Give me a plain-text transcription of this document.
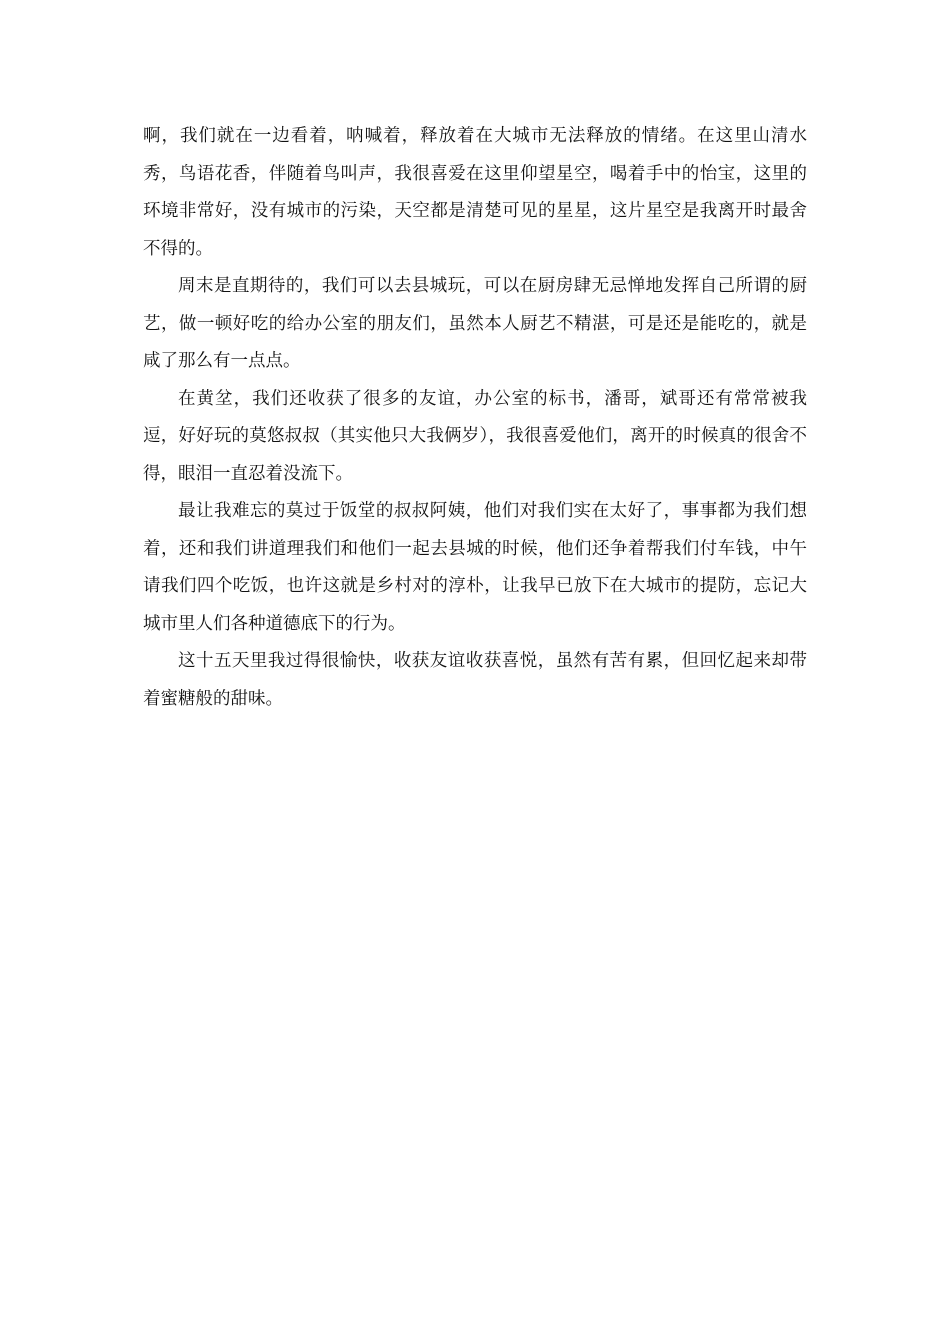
啊，我们就在一边看着，呐喊着，释放着在大城市无法释放的情绪。在这里山清水秀，鸟语花香，伴随着鸟叫声，我很喜爱在这里仰望星空，喝着手中的怡宝，这里的环境非常好，没有城市的污染，天空都是清楚可见的星星，这片星空是我离开时最舍不得的。

周末是直期待的，我们可以去县城玩，可以在厨房肆无忌惮地发挥自己所谓的厨艺，做一顿好吃的给办公室的朋友们，虽然本人厨艺不精湛，可是还是能吃的，就是咸了那么有一点点。

在黄坌，我们还收获了很多的友谊，办公室的标书，潘哥，斌哥还有常常被我逗，好好玩的莫悠叔叔（其实他只大我俩岁），我很喜爱他们，离开的时候真的很舍不得，眼泪一直忍着没流下。

最让我难忘的莫过于饭堂的叔叔阿姨，他们对我们实在太好了，事事都为我们想着，还和我们讲道理我们和他们一起去县城的时候，他们还争着帮我们付车钱，中午请我们四个吃饭，也许这就是乡村对的淳朴，让我早已放下在大城市的提防，忘记大城市里人们各种道德底下的行为。

这十五天里我过得很愉快，收获友谊收获喜悦，虽然有苦有累，但回忆起来却带着蜜糖般的甜味。
